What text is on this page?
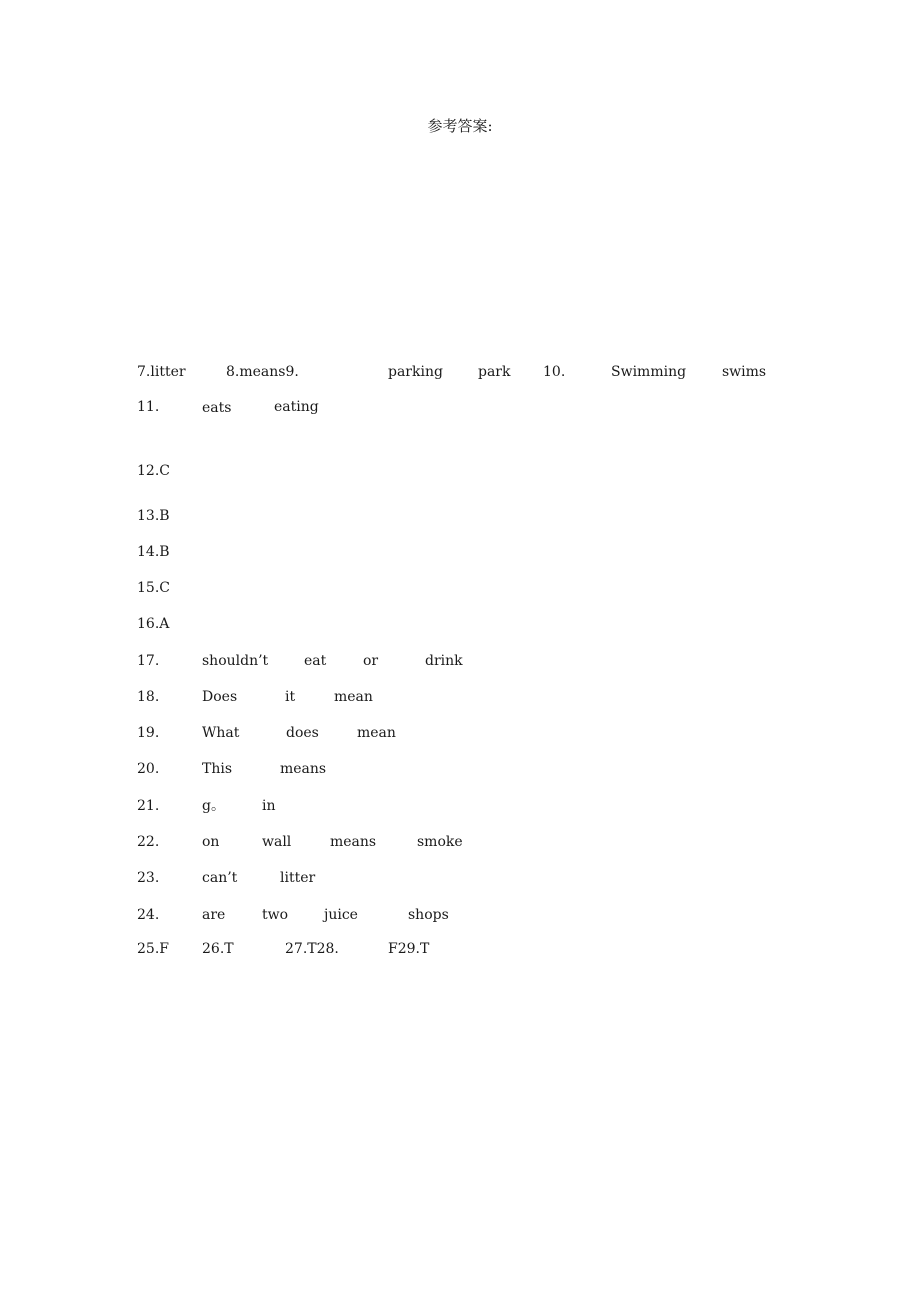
参考答案:
7.litter	8.means9.	parking	park 10.	Swimming	swims
11.	eats	eating
12.C
13.B
14.B
15.C
16.A
17.	shouldn’t	eat	or	drink
18.	Does	it	mean
19.	What	does	mean
20.	This	means
21.	g。	in
22.	on	wall	means	smoke
23.	can’t	litter
24.	are	two	juice	shops
25.F 26.T	27.T28.	F29.T
